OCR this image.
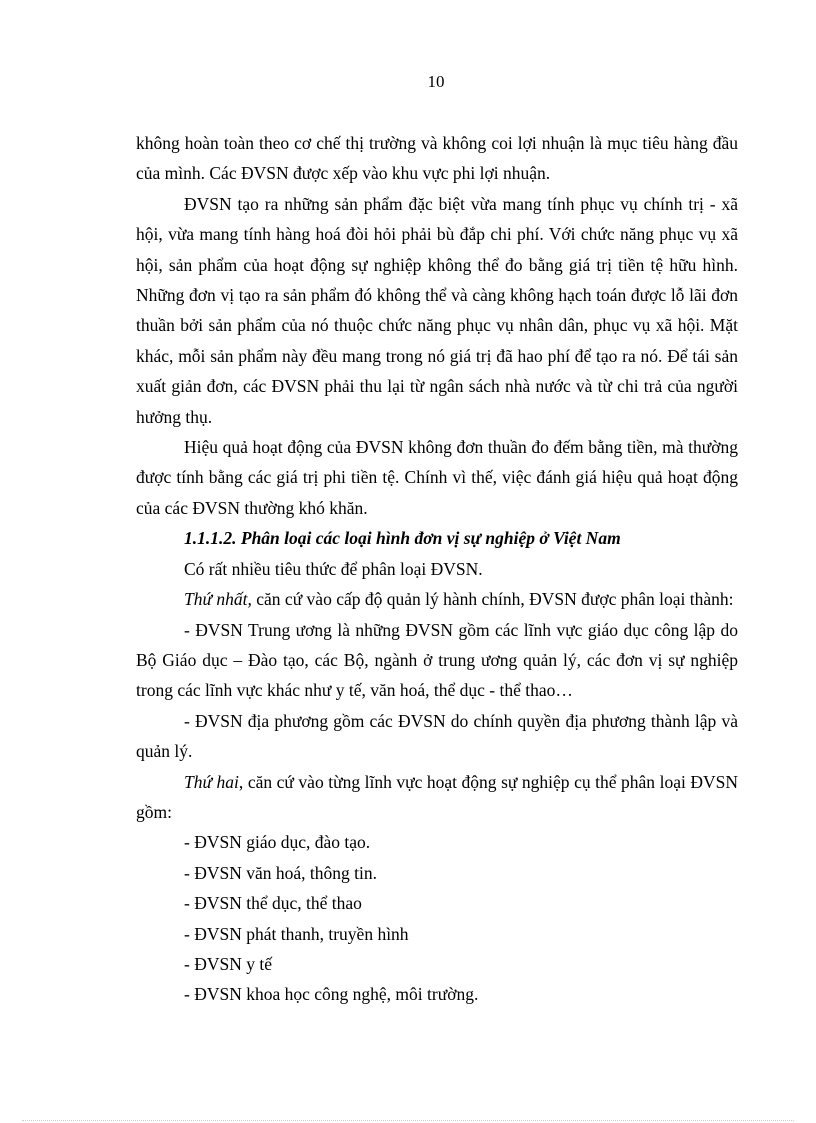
10

không hoàn toàn theo cơ chế thị trường và không coi lợi nhuận là mục tiêu hàng đầu của mình. Các ĐVSN được xếp vào khu vực phi lợi nhuận.

ĐVSN tạo ra những sản phẩm đặc biệt vừa mang tính phục vụ chính trị - xã hội, vừa mang tính hàng hoá đòi hỏi phải bù đắp chi phí. Với chức năng phục vụ xã hội, sản phẩm của hoạt động sự nghiệp không thể đo bằng giá trị tiền tệ hữu hình. Những đơn vị tạo ra sản phẩm đó không thể và càng không hạch toán được lỗ lãi đơn thuần bởi sản phẩm của nó thuộc chức năng phục vụ nhân dân, phục vụ xã hội. Mặt khác, mỗi sản phẩm này đều mang trong nó giá trị đã hao phí để tạo ra nó. Để tái sản xuất giản đơn, các ĐVSN phải thu lại từ ngân sách nhà nước và từ chi trả của người hưởng thụ.

Hiệu quả hoạt động của ĐVSN không đơn thuần đo đếm bằng tiền, mà thường được tính bằng các giá trị phi tiền tệ. Chính vì thế, việc đánh giá hiệu quả hoạt động của các ĐVSN thường khó khăn.

1.1.1.2. Phân loại các loại hình đơn vị sự nghiệp ở Việt Nam

Có rất nhiều tiêu thức để phân loại ĐVSN.

Thứ nhất, căn cứ vào cấp độ quản lý hành chính, ĐVSN được phân loại thành:

- ĐVSN Trung ương là những ĐVSN gồm các lĩnh vực giáo dục công lập do Bộ Giáo dục – Đào tạo, các Bộ, ngành ở trung ương quản lý, các đơn vị sự nghiệp trong các lĩnh vực khác như y tế, văn hoá, thể dục - thể thao…

- ĐVSN địa phương gồm các ĐVSN do chính quyền địa phương thành lập và quản lý.

Thứ hai, căn cứ vào từng lĩnh vực hoạt động sự nghiệp cụ thể phân loại ĐVSN gồm:

- ĐVSN giáo dục, đào tạo.

- ĐVSN văn hoá, thông tin.

- ĐVSN thể dục, thể thao

- ĐVSN phát thanh, truyền hình

- ĐVSN y tế

- ĐVSN khoa học công nghệ, môi trường.
